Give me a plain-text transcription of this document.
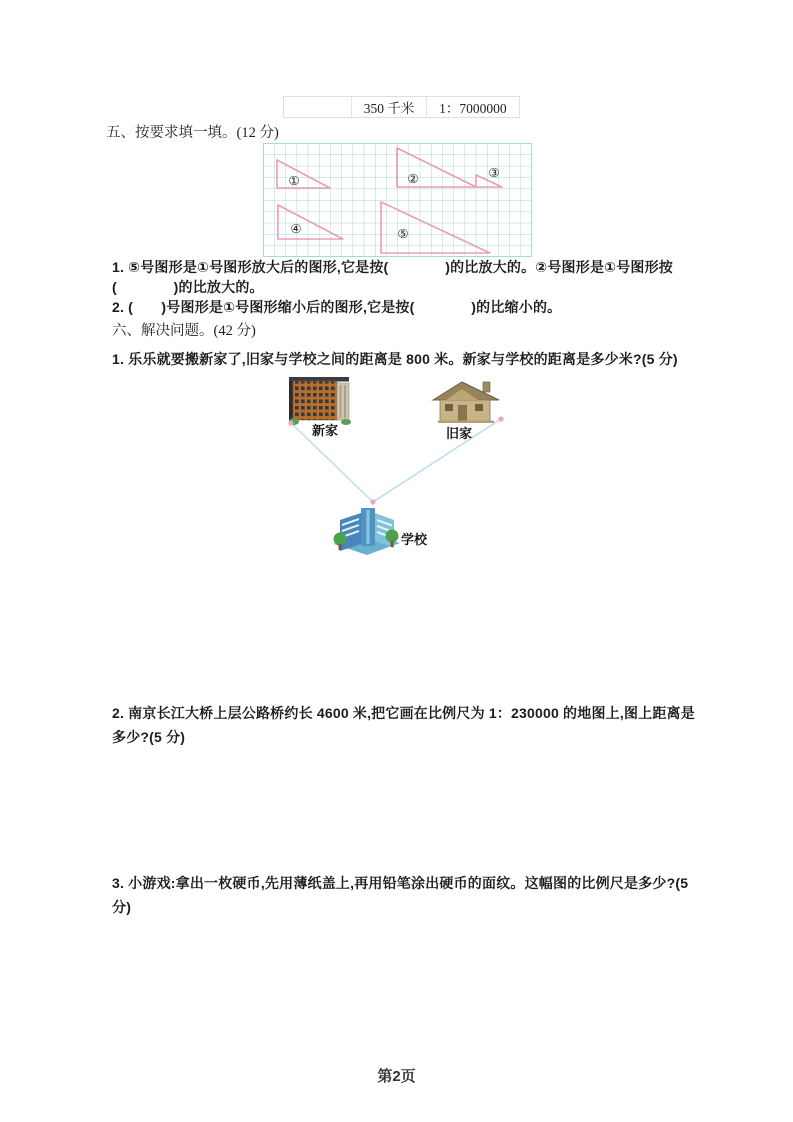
350 千米	1：7000000
五、按要求填一填。(12 分)
①	②	③
④	⑤
1. ⑤号图形是①号图形放大后的图形,它是按(　　　　)的比放大的。②号图形是①号图形按
(　　　　)的比放大的。
2. (　　)号图形是①号图形缩小后的图形,它是按(　　　　)的比缩小的。
六、解决问题。(42 分)
1. 乐乐就要搬新家了,旧家与学校之间的距离是 800 米。新家与学校的距离是多少米?(5 分)
新家	旧家
学校
2. 南京长江大桥上层公路桥约长 4600 米,把它画在比例尺为 1：230000 的地图上,图上距离是
多少?(5 分)
3. 小游戏:拿出一枚硬币,先用薄纸盖上,再用铅笔涂出硬币的面纹。这幅图的比例尺是多少?(5
分)
第2页
